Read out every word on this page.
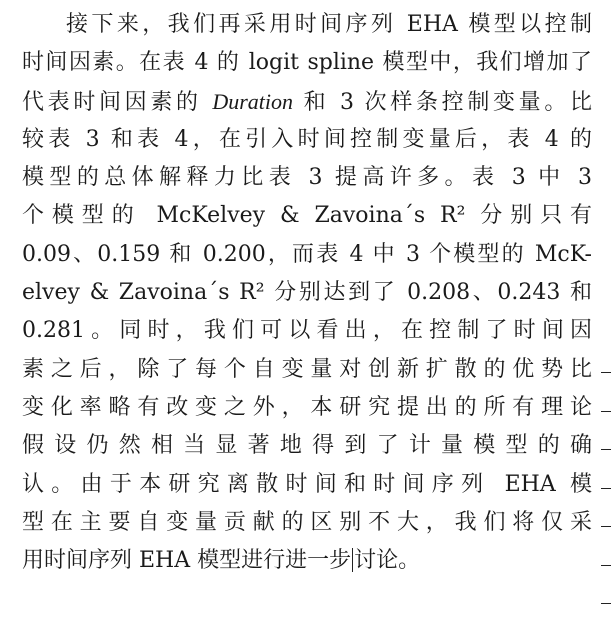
接下来，我们再采用时间序列 EHA 模型以控制
时间因素。在表 4 的 logit spline 模型中，我们增加了
代表时间因素的 Duration 和 3 次样条控制变量。比
较表 3 和表 4，在引入时间控制变量后，表 4 的
模型的总体解释力比表 3 提高许多。表 3 中 3
个模型的 McKelvey & Zavoina´s R² 分别只有
0.09、0.159 和 0.200，而表 4 中 3 个模型的 McK-
elvey & Zavoina´s R² 分别达到了 0.208、0.243 和
0.281。同时，我们可以看出，在控制了时间因
素之后，除了每个自变量对创新扩散的优势比
变化率略有改变之外，本研究提出的所有理论
假设仍然相当显著地得到了计量模型的确
认。由于本研究离散时间和时间序列 EHA 模
型在主要自变量贡献的区别不大，我们将仅采
用时间序列 EHA 模型进行进一步 讨论。
